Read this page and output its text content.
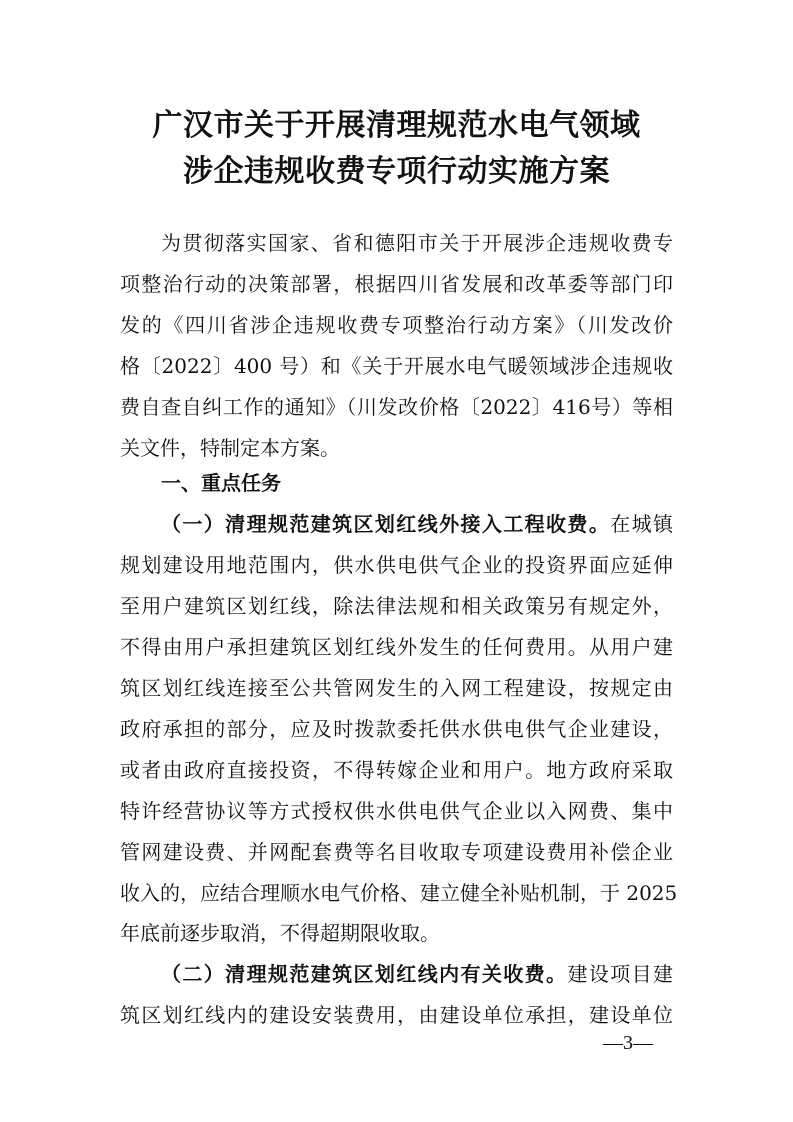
广汉市关于开展清理规范水电气领域
涉企违规收费专项行动实施方案
为贯彻落实国家、省和德阳市关于开展涉企违规收费专
项整治行动的决策部署，根据四川省发展和改革委等部门印
发的《四川省涉企违规收费专项整治行动方案》（川发改价
格〔2022〕400 号）和《关于开展水电气暖领域涉企违规收
费自查自纠工作的通知》（川发改价格〔2022〕416号）等相
关文件，特制定本方案。
一、重点任务
（一）清理规范建筑区划红线外接入工程收费。在城镇
规划建设用地范围内，供水供电供气企业的投资界面应延伸
至用户建筑区划红线，除法律法规和相关政策另有规定外，
不得由用户承担建筑区划红线外发生的任何费用。从用户建
筑区划红线连接至公共管网发生的入网工程建设，按规定由
政府承担的部分，应及时拨款委托供水供电供气企业建设，
或者由政府直接投资，不得转嫁企业和用户。地方政府采取
特许经营协议等方式授权供水供电供气企业以入网费、集中
管网建设费、并网配套费等名目收取专项建设费用补偿企业
收入的，应结合理顺水电气价格、建立健全补贴机制，于 2025
年底前逐步取消，不得超期限收取。
（二）清理规范建筑区划红线内有关收费。建设项目建
筑区划红线内的建设安装费用，由建设单位承担，建设单位
—3—
